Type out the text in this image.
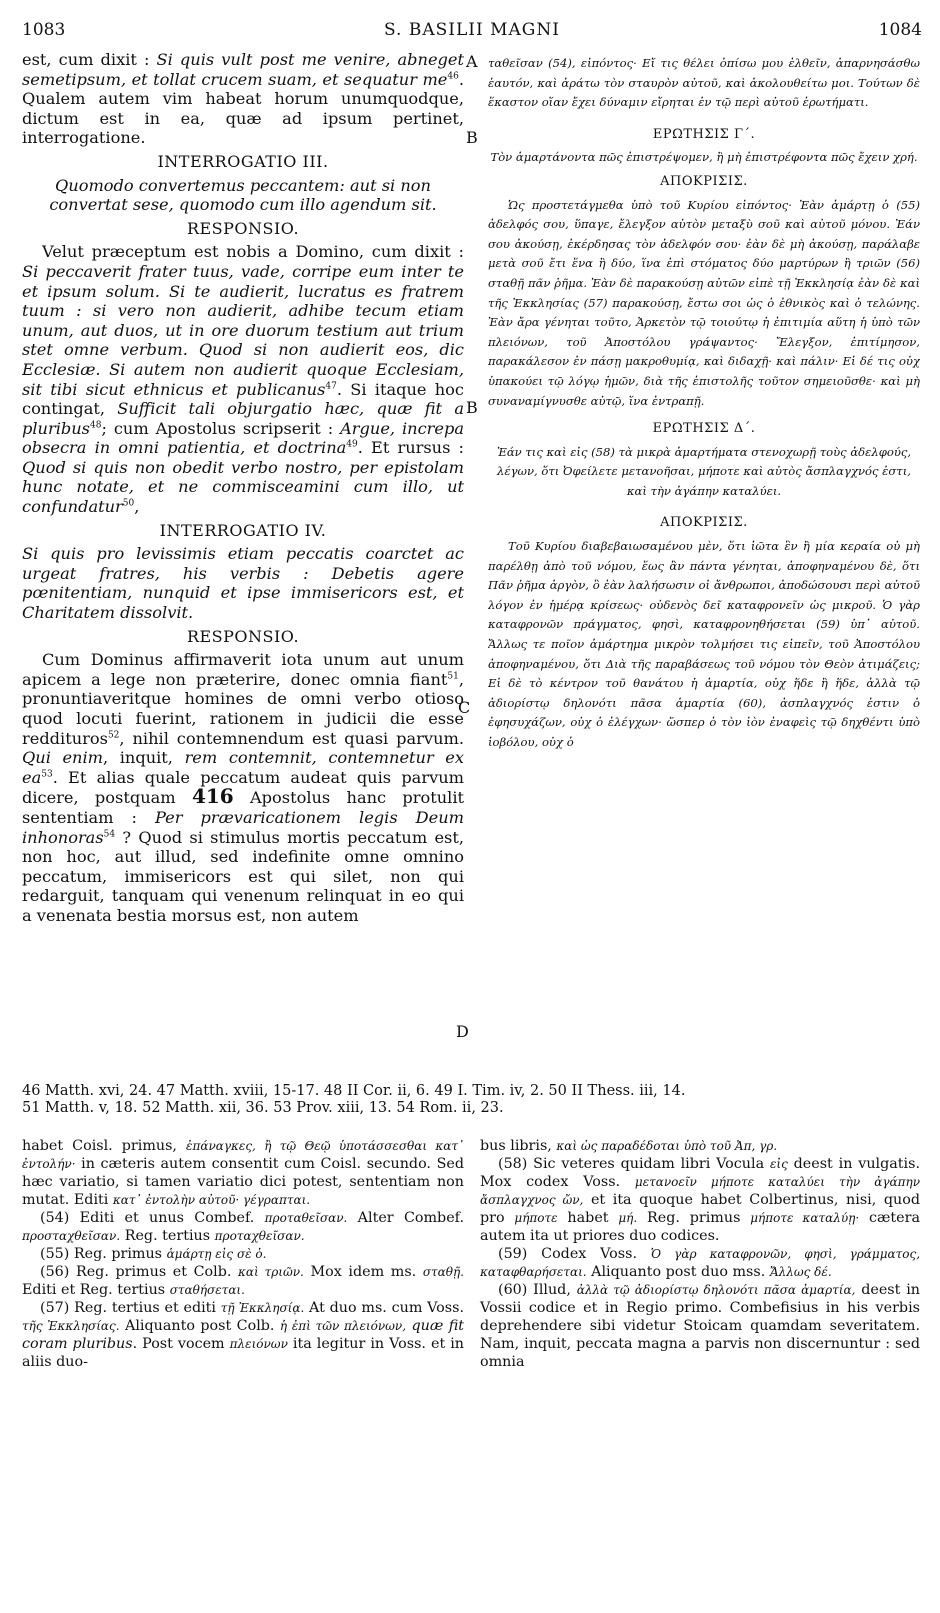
1083	S. BASILII MAGNI	1084
A
B
B
C
D

est, cum dixit : Si quis vult post me venire, abneget semetipsum, et tollat crucem suam, et sequatur $me^{46}$. Qualem autem vim habeat horum unumquodque, dictum est in ea, quæ ad ipsum pertinet, interrogatione.

INTERROGATIO III.
Quomodo convertemus peccantem: aut si non convertat sese, quomodo cum illo agendum sit.
RESPONSIO.

Velut præceptum est nobis a Domino, cum dixit : Si peccaverit frater tuus, vade, corripe eum inter te et ipsum solum. Si te audierit, lucratus es fratrem tuum : si vero non audierit, adhibe tecum etiam unum, aut duos, ut in ore duorum testium aut trium stet omne verbum. Quod si non audierit eos, dic Ecclesiæ. Si autem non audierit quoque Ecclesiam, sit tibi sicut ethnicus et publicanus$^{47}$. Si itaque hoc contingat, Sufficit tali objurgatio hæc, quæ fit a pluribus$^{48}$; cum Apostolus scripserit : Argue, increpa obsecra in omni patientia, et doctrina$^{49}$. Et rursus : Quod si quis non obedit verbo nostro, per epistolam hunc notate, et ne commisceamini cum illo, ut confundatur$^{50}$,

INTERROGATIO IV.
Si quis pro levissimis etiam peccatis coarctet ac urgeat fratres, his verbis : Debetis agere pœnitentiam, nunquid et ipse immisericors est, et Charitatem dissolvit.
RESPONSIO.

Cum Dominus affirmaverit iota unum aut unum apicem a lege non præterire, donec omnia fiant$^{51}$, pronuntiaveritque homines de omni verbo otioso quod locuti fuerint, rationem in judicii die esse reddituros$^{52}$, nihil contemnendum est quasi parvum. Qui enim, inquit, rem contemnit, contemnetur ex $ea^{53}$. Et alias quale peccatum audeat quis parvum dicere, postquam 416 Apostolus hanc protulit sententiam : Per prævaricationem legis Deum inhonoras$^{54}$ ? Quod si stimulus mortis peccatum est, non hoc, aut illud, sed indefinite omne omnino peccatum, immisericors est qui silet, non qui redarguit, tanquam qui venenum relinquat in eo qui a venenata bestia morsus est, non autem

ταθεῖσαν (54), εἰπόντος· Εἴ τις θέλει ὀπίσω μου ἐλθεῖν, ἀπαρνησάσθω ἑαυτόν, καὶ ἀράτω τὸν σταυρὸν αὐτοῦ, καὶ ἀκολουθείτω μοι. Τούτων δὲ ἕκαστον οἵαν ἔχει δύναμιν εἴρηται ἐν τῷ περὶ αὐτοῦ ἐρωτήματι.

ΕΡΩΤΗΣΙΣ Γ´.
Τὸν ἁμαρτάνοντα πῶς ἐπιστρέψομεν, ἢ μὴ ἐπιστρέφοντα πῶς ἔχειν χρή.
ΑΠΟΚΡΙΣΙΣ.

Ὡς προστετάγμεθα ὑπὸ τοῦ Κυρίου εἰπόντος· Ἐὰν ἁμάρτῃ ὁ (55) ἀδελφός σου, ὕπαγε, ἔλεγξον αὐτὸν μεταξὺ σοῦ καὶ αὐτοῦ μόνου. Ἐάν σου ἀκούσῃ, ἐκέρδησας τὸν ἀδελφόν σου· ἐὰν δὲ μὴ ἀκούσῃ, παράλαβε μετὰ σοῦ ἔτι ἕνα ἢ δύο, ἵνα ἐπὶ στόματος δύο μαρτύρων ἢ τριῶν (56) σταθῇ πᾶν ῥῆμα. Ἐὰν δὲ παρακούσῃ αὐτῶν εἰπὲ τῇ Ἐκκλησίᾳ ἐὰν δὲ καὶ τῆς Ἐκκλησίας (57) παρακούσῃ, ἔστω σοι ὡς ὁ ἐθνικὸς καὶ ὁ τελώνης. Ἐὰν ἄρα γένηται τοῦτο, Ἀρκετὸν τῷ τοιούτῳ ἡ ἐπιτιμία αὕτη ἡ ὑπὸ τῶν πλειόνων, τοῦ Ἀποστόλου γράψαντος· Ἔλεγξον, ἐπιτίμησον, παρακάλεσον ἐν πάσῃ μακροθυμίᾳ, καὶ διδαχῇ· καὶ πάλιν· Εἰ δέ τις οὐχ ὑπακούει τῷ λόγῳ ἡμῶν, διὰ τῆς ἐπιστολῆς τοῦτον σημειοῦσθε· καὶ μὴ συναναμίγνυσθε αὐτῷ, ἵνα ἐντραπῇ.

ΕΡΩΤΗΣΙΣ Δ´.
Ἐάν τις καὶ εἰς (58) τὰ μικρὰ ἁμαρτήματα στενοχωρῇ τοὺς ἀδελφούς, λέγων, ὅτι Ὀφείλετε μετανοῆσαι, μήποτε καὶ αὐτὸς ἄσπλαγχνός ἐστι, καὶ τὴν ἀγάπην καταλύει.
ΑΠΟΚΡΙΣΙΣ.

Τοῦ Κυρίου διαβεβαιωσαμένου μὲν, ὅτι ἰῶτα ἓν ἢ μία κεραία οὐ μὴ παρέλθῃ ἀπὸ τοῦ νόμου, ἕως ἂν πάντα γένηται, ἀποφηναμένου δὲ, ὅτι Πᾶν ῥῆμα ἀργὸν, ὃ ἐὰν λαλήσωσιν οἱ ἄνθρωποι, ἀποδώσουσι περὶ αὐτοῦ λόγον ἐν ἡμέρᾳ κρίσεως· οὐδενὸς δεῖ καταφρονεῖν ὡς μικροῦ. Ὁ γὰρ καταφρονῶν πράγματος, φησὶ, καταφρονηθήσεται (59) ὑπ᾽ αὐτοῦ. Ἄλλως τε ποῖον ἁμάρτημα μικρὸν τολμήσει τις εἰπεῖν, τοῦ Ἀποστόλου ἀποφηναμένου, ὅτι Διὰ τῆς παραβάσεως τοῦ νόμου τὸν Θεὸν ἀτιμάζεις; Εἰ δὲ τὸ κέντρον τοῦ θανάτου ἡ ἁμαρτία, οὐχ ἥδε ἢ ἥδε, ἀλλὰ τῷ ἀδιορίστῳ δηλονότι πᾶσα ἁμαρτία (60), ἀσπλαγχνός ἐστιν ὁ ἐφησυχάζων, οὐχ ὁ ἐλέγχων· ὥσπερ ὁ τὸν ἰὸν ἐναφεὶς τῷ δηχθέντι ὑπὸ ἰοβόλου, οὐχ ὁ

46 Matth. xvi, 24. 47 Matth. xviii, 15-17. 48 II Cor. ii, 6. 49 I. Tim. iv, 2. 50 II Thess. iii, 14.
51 Matth. v, 18. 52 Matth. xii, 36. 53 Prov. xiii, 13. 54 Rom. ii, 23.

habet Coisl. primus, ἐπάναγκες, ἢ τῷ Θεῷ ὑποτάσσεσθαι κατ᾽ ἐντολήν· in cæteris autem consentit cum Coisl. secundo. Sed hæc variatio, si tamen variatio dici potest, sententiam non mutat. Editi κατ᾽ ἐντολὴν αὐτοῦ· γέγραπται.

(54) Editi et unus Combef. προταθεῖσαν. Alter Combef. προσταχθεῖσαν. Reg. tertius προταχθεῖσαν.

(55) Reg. primus ἁμάρτῃ εἰς σὲ ὁ.

(56) Reg. primus et Colb. καὶ τριῶν. Mox idem ms. σταθῇ. Editi et Reg. tertius σταθήσεται.

(57) Reg. tertius et editi τῇ Ἐκκλησίᾳ. At duo ms. cum Voss. τῆς Ἐκκλησίας. Aliquanto post Colb. ἡ ἐπὶ τῶν πλειόνων, quæ fit coram pluribus. Post vocem πλειόνων ita legitur in Voss. et in aliis duo-

bus libris, καὶ ὡς παραδέδοται ὑπὸ τοῦ Ἀπ, γρ.

(58) Sic veteres quidam libri Vocula εἰς deest in vulgatis. Mox codex Voss. μετανοεῖν μήποτε καταλύει τὴν ἀγάπην ἄσπλαγχνος ὤν, et ita quoque habet Colbertinus, nisi, quod pro μήποτε habet μή. Reg. primus μήποτε καταλύῃ· cætera autem ita ut priores duo codices.

(59) Codex Voss. Ὁ γὰρ καταφρονῶν, φησὶ, γράμματος, καταφθαρήσεται. Aliquanto post duo mss. Ἄλλως δέ.

(60) Illud, ἀλλὰ τῷ ἀδιορίστῳ δηλονότι πᾶσα ἁμαρτία, deest in Vossii codice et in Regio primo. Combefisius in his verbis deprehendere sibi videtur Stoicam quamdam severitatem. Nam, inquit, peccata magna a parvis non discernuntur : sed omnia
